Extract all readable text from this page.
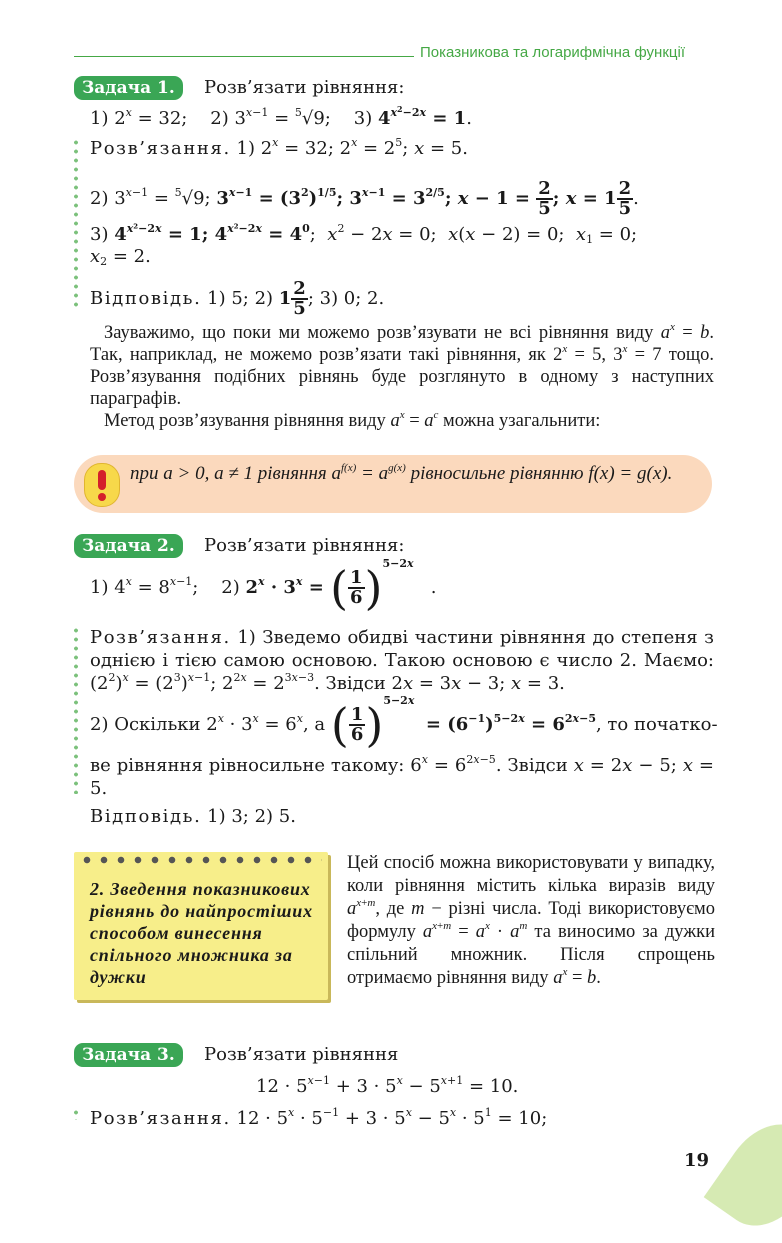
Показникова та логарифмічна функції
Задача 1.	Розв’язати рівняння:
1) $2^x = 32$;    2) $3^{x-1} = ^5√9$;    3) $4^{x^2-2x} = 1$.
Розв’язання. 1) $2^x = 32$; $2^x = 2^5$; x = 5.
2) $3^{x-1} = ^5√9$; $3^{x-1} = (3^2)^{1/5}$; $3^{x-1} = 3^{2/5}$; $x - 1 = \frac{2}{5}$ ; $x = 1 \frac{2}{5}$ .
3) $4^{x^2-2x} = 1$; $4^{x^2-2x} = 4^0$;  $x^2 - 2x = 0$;  x(x − 2) = 0;  $x_1 = 0$;
$x_2 = 2$.
Відповідь. 1) 5; 2) $1 \frac{2}{5}$ ; 3) 0; 2.
Зауважимо, що поки ми можемо розв’язувати не всі рівняння виду $a^x = b$. Так, наприклад, не можемо розв’язати такі рівняння, як $2^x = 5$, $3^x = 7$ тощо. Розв’язування подібних рівнянь буде розглянуто в одному з наступних параграфів.
Метод розв’язування рівняння виду $a^x = a^c$ можна узагальнити:
при a > 0, a ≠ 1 рівняння $a^{f(x)} = a^{g(x)}$ рівносильне рівнянню f(x) = g(x).
Задача 2.	Розв’язати рівняння:
1) $4^x = 8^{x-1}$;    2) $2^x \cdot 3^x$ = ( $\frac{1}{6} )^{5-2x}$   .
Розв’язання. 1) Зведемо обидві частини рівняння до степеня з однією і тією самою основою. Такою основою є число 2. Маємо: $(2^2)^x = (2^3)^{x-1}$; $2^{2x} = 2^{3x-3}$. Звідси 2x = 3x − 3; x = 3.
2) Оскільки $2^x \cdot 3^x = 6^x$, а ( $\frac{1}{6} )^{5-2x} = (6^{-1})^{5-2x} = 6^{2x-5}$, то початко-
ве рівняння рівносильне такому: $6^x = 6^{2x-5}$. Звідси x = 2x − 5; x = 5.
Відповідь. 1) 3; 2) 5.
2. Зведення показникових рівнянь до найпростіших способом винесення спільного множника за дужки
Цей спосіб можна використовувати у випадку, коли рівняння містить кілька виразів виду $a^{x+m}$, де m − різні числа. Тоді використовуємо формулу $a^{x+m} = a^x \cdot a^m$ та виносимо за дужки спільний множник. Після спрощень отримаємо рівняння виду $a^x = b$.
Задача 3.	Розв’язати рівняння
$12 \cdot 5^{x-1} + 3 \cdot 5^x - 5^{x+1} = 10$.
Розв’язання. $12 \cdot 5^x \cdot 5^{-1} + 3 \cdot 5^x - 5^x \cdot 5^1 = 10$;
19
